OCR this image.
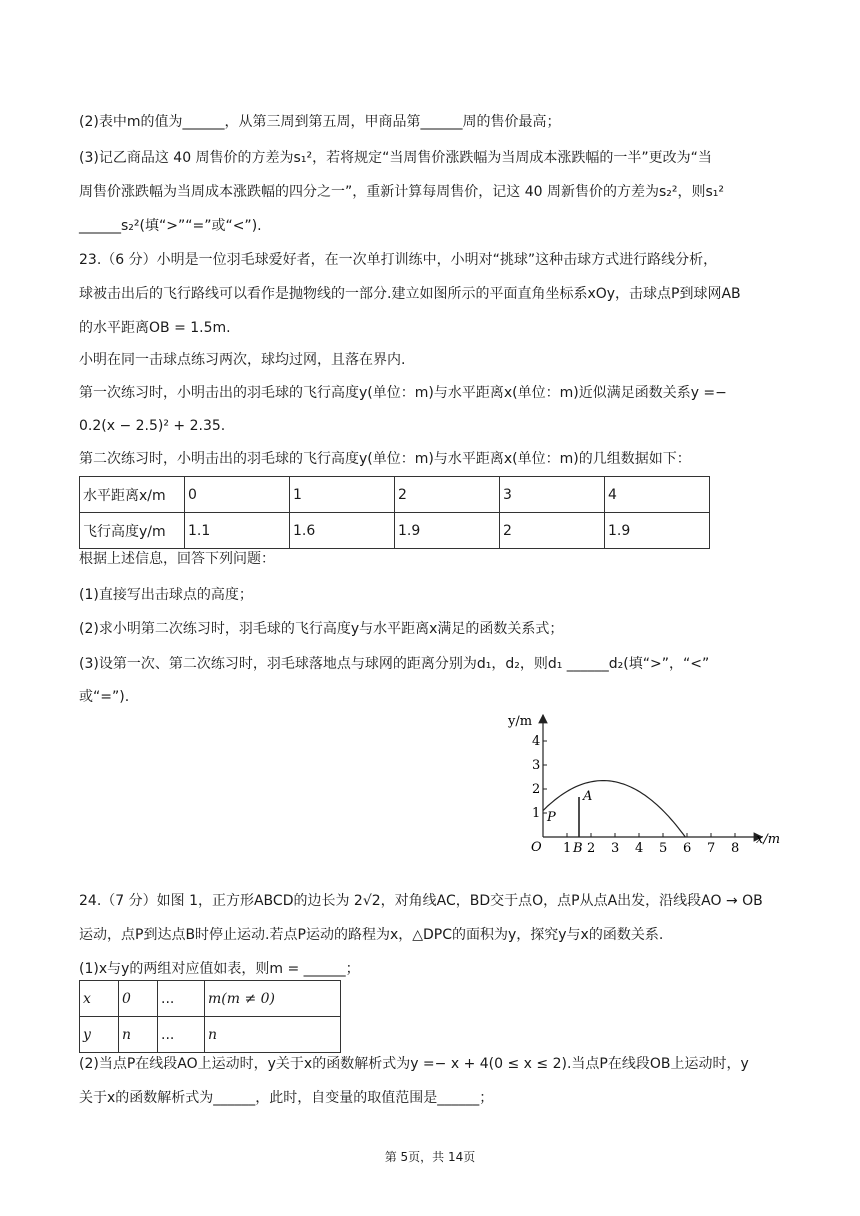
(2)表中m的值为______，从第三周到第五周，甲商品第______周的售价最高；
(3)记乙商品这 40 周售价的方差为s₁²，若将规定“当周售价涨跌幅为当周成本涨跌幅的一半”更改为“当
周售价涨跌幅为当周成本涨跌幅的四分之一”，重新计算每周售价，记这 40 周新售价的方差为s₂²，则s₁²
______s₂²(填“>”“=”或“<”).
23.（6 分）小明是一位羽毛球爱好者，在一次单打训练中，小明对“挑球”这种击球方式进行路线分析，
球被击出后的飞行路线可以看作是抛物线的一部分.建立如图所示的平面直角坐标系xOy，击球点P到球网AB
的水平距离OB = 1.5m.
小明在同一击球点练习两次，球均过网，且落在界内.
第一次练习时，小明击出的羽毛球的飞行高度y(单位：m)与水平距离x(单位：m)近似满足函数关系y =−
0.2(x − 2.5)² + 2.35.
第二次练习时，小明击出的羽毛球的飞行高度y(单位：m)与水平距离x(单位：m)的几组数据如下：
水平距离x/m	0	1	2	3	4
飞行高度y/m	1.1	1.6	1.9	2	1.9
根据上述信息，回答下列问题：
(1)直接写出击球点的高度；
(2)求小明第二次练习时，羽毛球的飞行高度y与水平距离x满足的函数关系式；
(3)设第一次、第二次练习时，羽毛球落地点与球网的距离分别为d₁，d₂，则d₁ ______d₂(填“>”，“<”
或“=”).
y/m
x/m
1
2
3
4
1 2 3 4 5 6 7 8
O
A
B
P
24.（7 分）如图 1，正方形ABCD的边长为 2√2，对角线AC，BD交于点O，点P从点A出发，沿线段AO → OB
运动，点P到达点B时停止运动.若点P运动的路程为x，△DPC的面积为y，探究y与x的函数关系.
(1)x与y的两组对应值如表，则m = ______；
x	0	...	m(m ≠ 0)
y	n	...	n
(2)当点P在线段AO上运动时，y关于x的函数解析式为y =− x + 4(0 ≤ x ≤ 2).当点P在线段OB上运动时，y
关于x的函数解析式为______，此时，自变量的取值范围是______；
第 5页，共 14页
